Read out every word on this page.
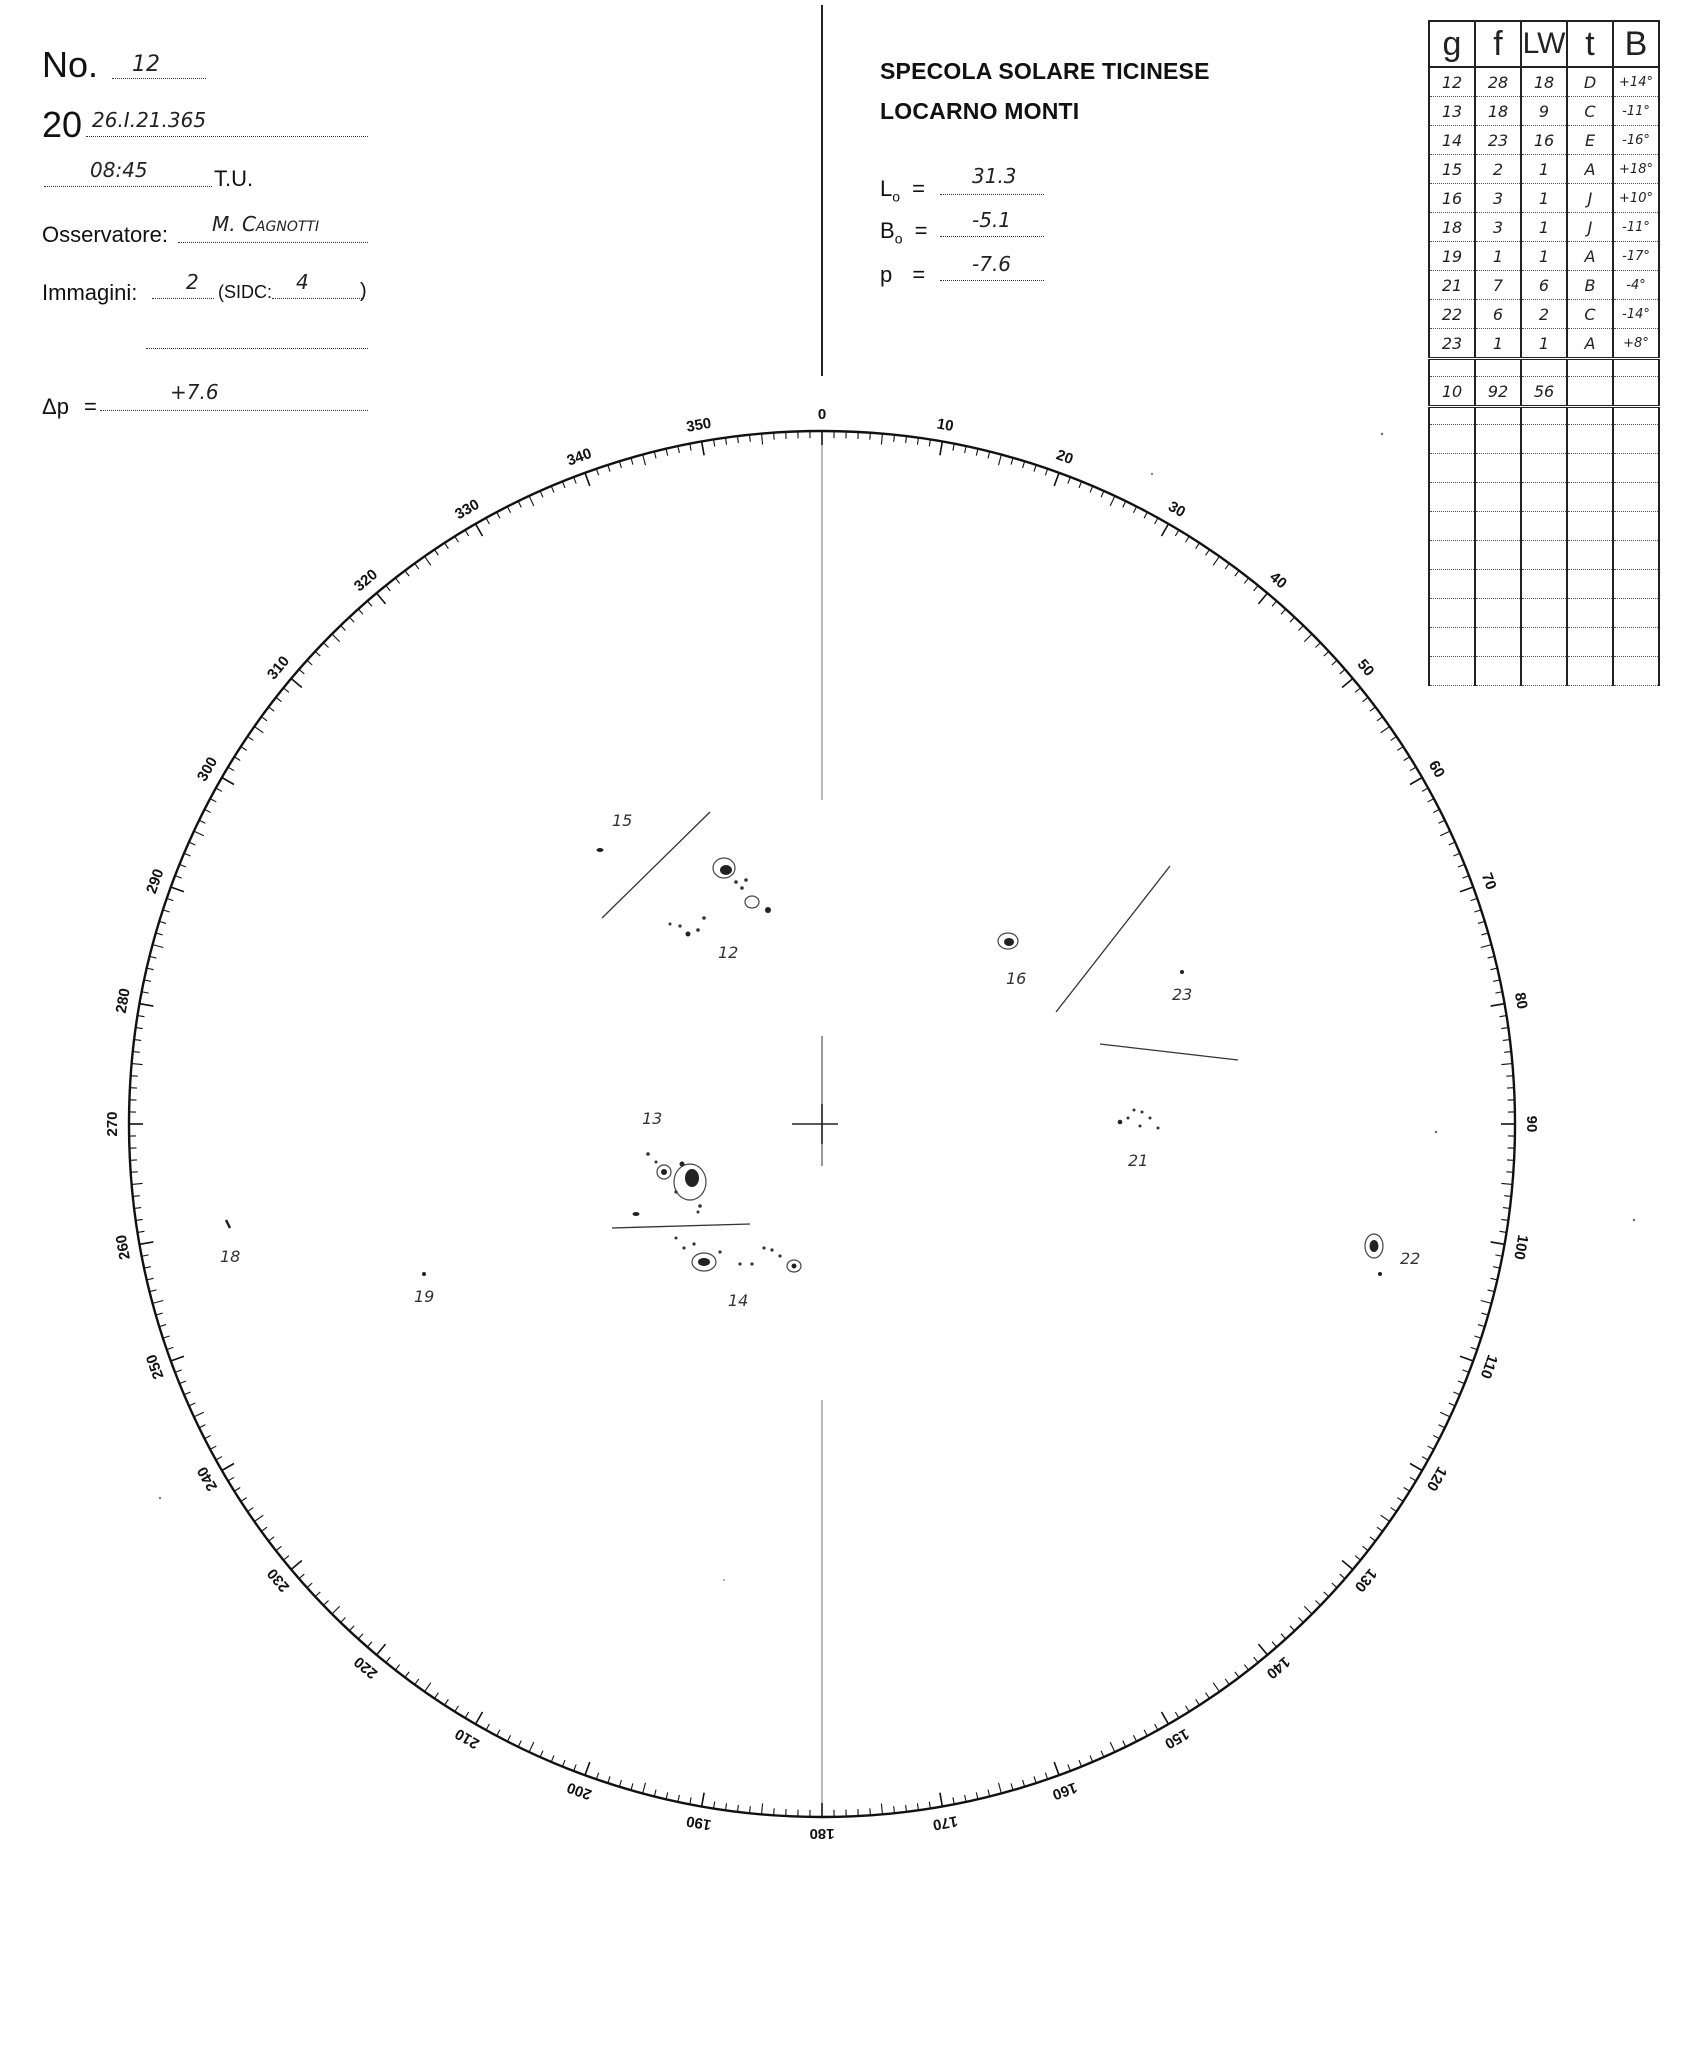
No. 12
20 26.I.21.365
08:45	T.U.
Osservatore: M. Cagnotti
Immagini: 2 (SIDC: 4	)
Δp =
+7.6
SPECOLA SOLARE TICINESE
LOCARNO MONTI
$L_o = 31.3$
$B_o = -5.1$
p = -7.6
g	f	LW	t	B
12	28	18	D	+14°
13	18	9	C	-11°
14	23	16	E	-16°
15	2	1	A	+18°
16	3	1	J	+10°
18	3	1	J	-11°
19	1	1	A	-17°
21	7	6	B	-4°
22	6	2	C	-14°
23	1	1	A	+8°

10	92	56		

0
10
20
30
40
50
60
70
80
90
100
110
120
130
140
150
160
170
180
190
200
210
220
230
240
250
260
270
280
290
300
310
320
330
340
350
15
12
16
23
13
21
18
19	14
22
